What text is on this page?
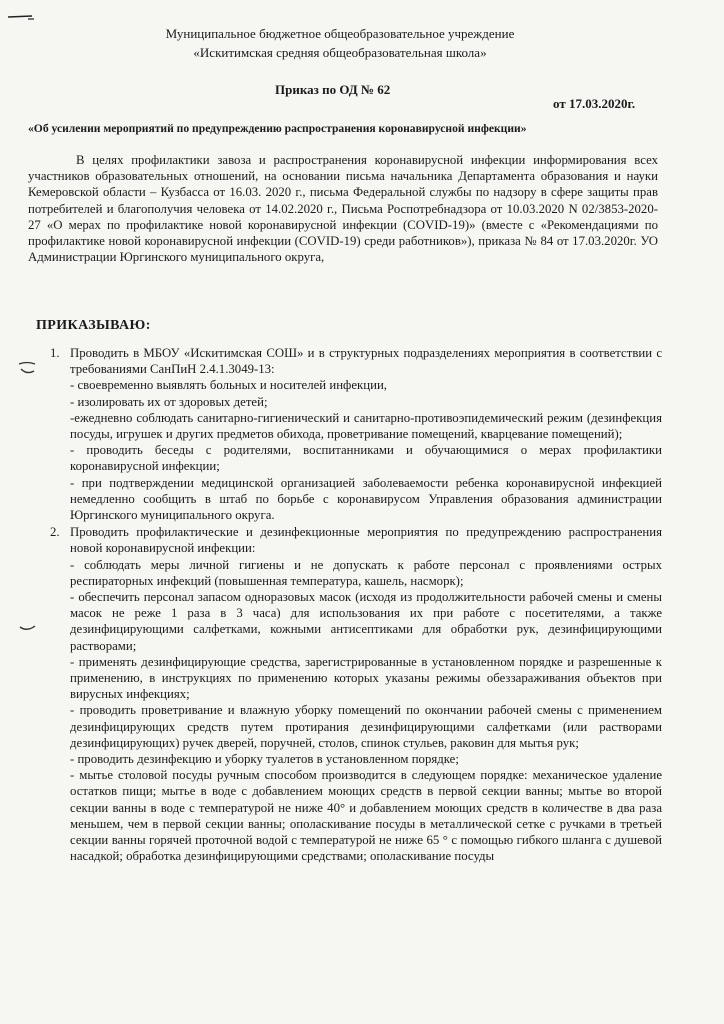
Муниципальное бюджетное общеобразовательное учреждение
«Искитимская средняя общеобразовательная школа»
Приказ по ОД № 62
от 17.03.2020г.
«Об усилении мероприятий по предупреждению распространения коронавирусной инфекции»
В целях профилактики завоза и распространения коронавирусной инфекции информирования всех участников образовательных отношений, на основании письма начальника Департамента образования и науки Кемеровской области – Кузбасса от 16.03. 2020 г., письма Федеральной службы по надзору в сфере защиты прав потребителей и благополучия человека от 14.02.2020 г., Письма Роспотребнадзора от 10.03.2020 N 02/3853-2020-27 «О мерах по профилактике новой коронавирусной инфекции (COVID-19)» (вместе с «Рекомендациями по профилактике новой коронавирусной инфекции (COVID-19) среди работников»), приказа № 84 от 17.03.2020г. УО Администрации Юргинского муниципального округа,
ПРИКАЗЫВАЮ:
1. Проводить в МБОУ «Искитимская СОШ» и в структурных подразделениях мероприятия в соответствии с требованиями СанПиН 2.4.1.3049-13:
- своевременно выявлять больных и носителей инфекции,
- изолировать их от здоровых детей;
-ежедневно соблюдать санитарно-гигиенический и санитарно-противоэпидемический режим (дезинфекция посуды, игрушек и других предметов обихода, проветривание помещений, кварцевание помещений);
- проводить беседы с родителями, воспитанниками и обучающимися о мерах профилактики коронавирусной инфекции;
- при подтверждении медицинской организацией заболеваемости ребенка коронавирусной инфекцией немедленно сообщить в штаб по борьбе с коронавирусом Управления образования администрации Юргинского муниципального округа.
2. Проводить профилактические и дезинфекционные мероприятия по предупреждению распространения новой коронавирусной инфекции:
- соблюдать меры личной гигиены и не допускать к работе персонал с проявлениями острых респираторных инфекций (повышенная температура, кашель, насморк);
- обеспечить персонал запасом одноразовых масок (исходя из продолжительности рабочей смены и смены масок не реже 1 раза в 3 часа) для использования их при работе с посетителями, а также дезинфицирующими салфетками, кожными антисептиками для обработки рук, дезинфицирующими растворами;
- применять дезинфицирующие средства, зарегистрированные в установленном порядке и разрешенные к применению, в инструкциях по применению которых указаны режимы обеззараживания объектов при вирусных инфекциях;
- проводить проветривание и влажную уборку помещений по окончании рабочей смены с применением дезинфицирующих средств путем протирания дезинфицирующими салфетками (или растворами дезинфицирующих) ручек дверей, поручней, столов, спинок стульев, раковин для мытья рук;
- проводить дезинфекцию и уборку туалетов в установленном порядке;
- мытье столовой посуды ручным способом производится в следующем порядке: механическое удаление остатков пищи; мытье в воде с добавлением моющих средств в первой секции ванны; мытье во второй секции ванны в воде с температурой не ниже 40° и добавлением моющих средств в количестве в два раза меньшем, чем в первой секции ванны; ополаскивание посуды в металлической сетке с ручками в третьей секции ванны горячей проточной водой с температурой не ниже 65 ° с помощью гибкого шланга с душевой насадкой; обработка дезинфицирующими средствами; ополаскивание посуды
